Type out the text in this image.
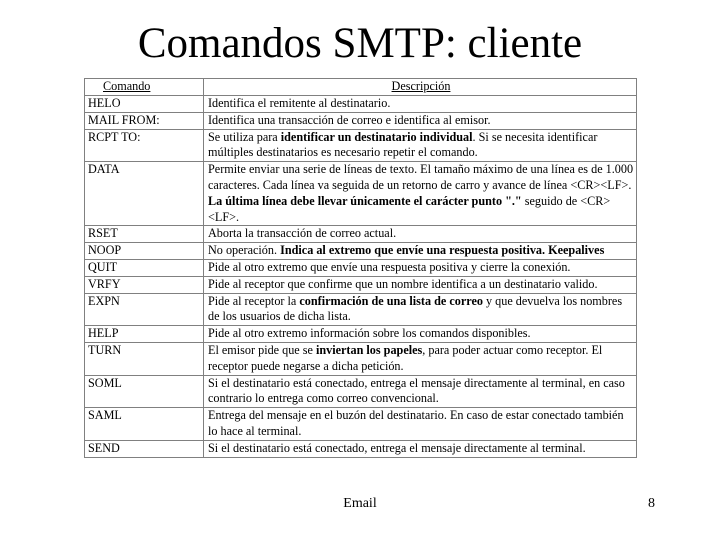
Comandos SMTP: cliente
Comando	Descripción
HELO	Identifica el remitente al destinatario.

MAIL FROM:	Identifica una transacción de correo e identifica al emisor.

RCPT TO:	Se utiliza para identificar un destinatario individual. Si se necesita identificar múltiples destinatarios es necesario repetir el comando.

DATA	Permite enviar una serie de líneas de texto. El tamaño máximo de una línea es de 1.000 caracteres. Cada línea va seguida de un retorno de carro y avance de línea <CR><LF>. La última línea debe llevar únicamente el carácter punto "." seguido de <CR><LF>.

RSET	Aborta la transacción de correo actual.

NOOP	No operación. Indica al extremo que envíe una respuesta positiva. Keepalives

QUIT	Pide al otro extremo que envíe una respuesta positiva y cierre la conexión.

VRFY	Pide al receptor que confirme que un nombre identifica a un destinatario valido.

EXPN	Pide al receptor la confirmación de una lista de correo y que devuelva los nombres de los usuarios de dicha lista.

HELP	Pide al otro extremo información sobre los comandos disponibles.

TURN	El emisor pide que se inviertan los papeles, para poder actuar como receptor. El receptor puede negarse a dicha petición.

SOML	Si el destinatario está conectado, entrega el mensaje directamente al terminal, en caso contrario lo entrega como correo convencional.

SAML	Entrega del mensaje en el buzón del destinatario. En caso de estar conectado también lo hace al terminal.

SEND	Si el destinatario está conectado, entrega el mensaje directamente al terminal.
Email	8
